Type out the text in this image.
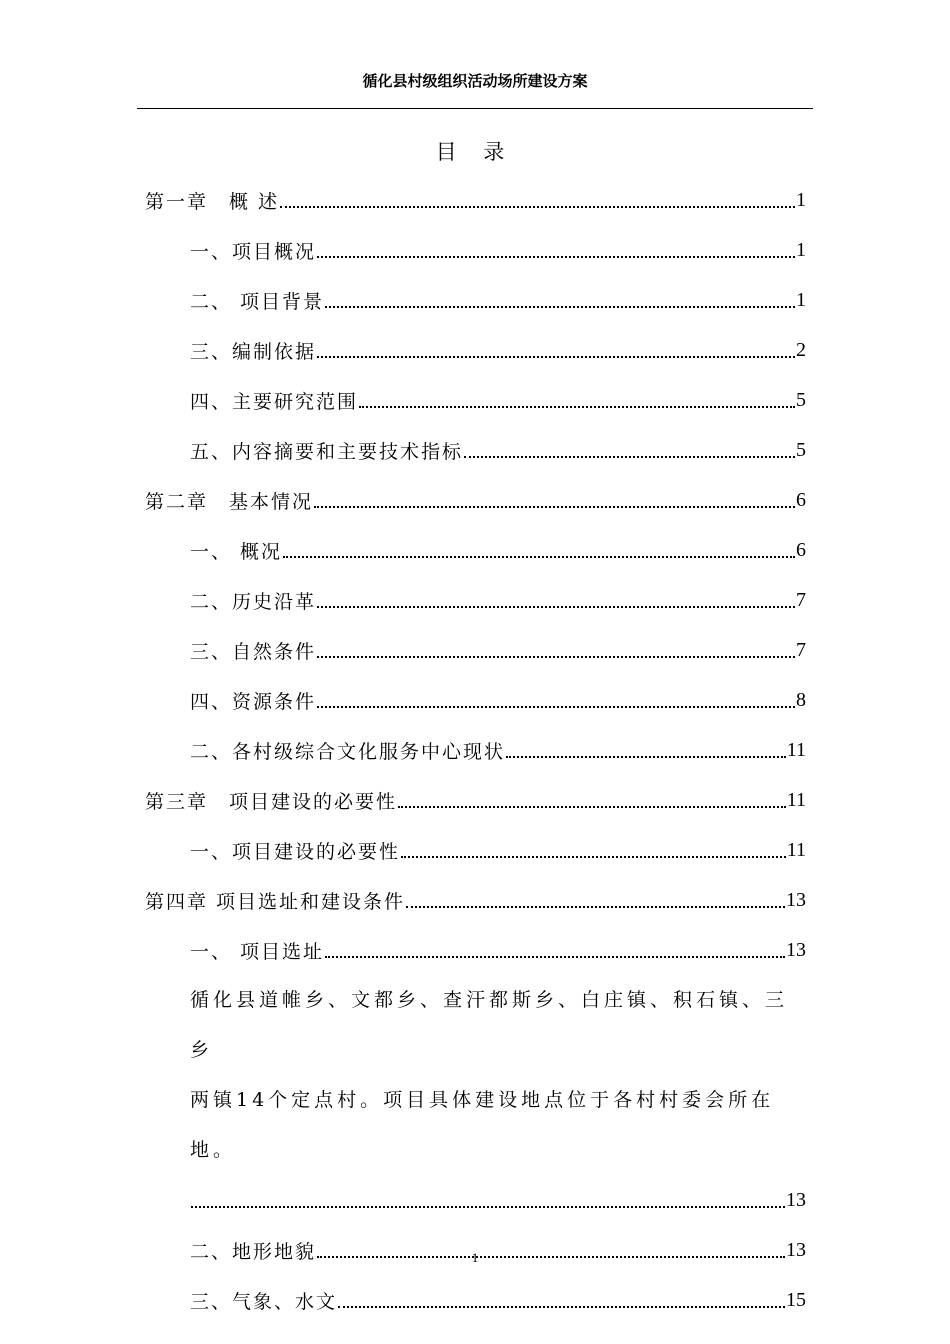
循化县村级组织活动场所建设方案
目 录
第一章　概 述	1
一、项目概况	1
二、 项目背景	1
三、编制依据	2
四、主要研究范围	5
五、内容摘要和主要技术指标	5
第二章　基本情况	6
一、 概况	6
二、历史沿革	7
三、自然条件	7
四、资源条件	8
二、各村级综合文化服务中心现状	11
第三章　项目建设的必要性	11
一、项目建设的必要性	11
第四章 项目选址和建设条件	13
一、 项目选址	13
循化县道帷乡、文都乡、查汗都斯乡、白庄镇、积石镇、三乡
两镇14个定点村。项目具体建设地点位于各村村委会所在地。
13
二、地形地貌	13
三、气象、水文	15
1
